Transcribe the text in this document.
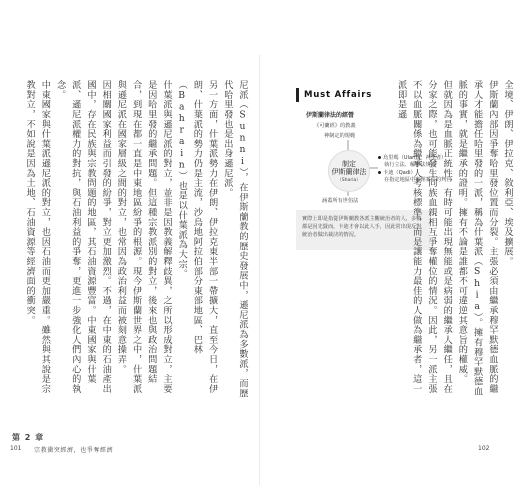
尼派（Sunni），在伊斯蘭教的歷史發展中，遜尼派為多數派，而歷代哈里發也是出身遜尼派。

另一方面，什葉派勢力在伊朗、伊拉克東半部一帶擴大，直至今日，在伊朗、什葉派的勢力仍是主流，沙烏地阿拉伯部分東部地區、巴林（Bahrain）也是以什葉派為大宗。

什葉派與遜尼派的對立，並非是因教義解釋歧異，之所以形成對立，主要是因哈里發的繼承問題。但這種宗教派別的對立，後來也與政治問題結合，到現在都一直是中東地區紛爭的根源。現今伊斯蘭世界之中，什葉派與遜尼派在國家層級之間的對立，也常因為政治利益而被刻意操弄。

因相關國家利益而引發的紛爭，對立更加激烈。不過，在中東的石油產出國中，存在民族與宗教問題的地區，其石油資源豐富。中東國家與什葉派、遜尼派權力的對抗，與石油利益的爭奪，更進一步強化人們內心的執念。

中東國家與什葉派遜尼派的對立，也因石油而更加嚴重。雖然與其說是宗教對立，不如說是因為土地、石油資源等經濟面的衝突。

第 2 章
101 宗教衝突經濟，也爭奪經濟
Must Affairs
伊斯蘭律法的經營
《可蘭經》的教義
神制定的規範
制定
伊斯蘭律法
（Sharia）
烏里瑪（Ulama，神學者）
執行立法、解釋法規者
卡迪（Qadi）
在指定地區中審理案件的判官
涵蓋所有世俗法
實際上即是指從伊斯蘭教各派主觀統治者的人，多數都是因先賢而。卡迪才會以此人手，因此常出現反對統治者做出裁決的情況。	全境、伊朗、伊拉克、敘利亞、埃及擴展。

伊斯蘭內部因爭奪哈里發位置而分裂。主張必須由繼承穆罕默德血脈的繼承人才能擔任哈里發的一派，稱為什葉派（Shia）。擁有穆罕默德血脈的事實，就是繼承的證明。擁有不論是誰都不可違逆其意旨的權威。

但就因為是血脈正統性，有時可能出現無能或是病弱的繼承人繼任，且在分家之際，也可能發生同族血親相互爭奪權位的情況。因此，另一派主張不以血脈關係為繼承人考核標準，而是讓能力最佳的人做為繼承者，這一派即是遜

102
